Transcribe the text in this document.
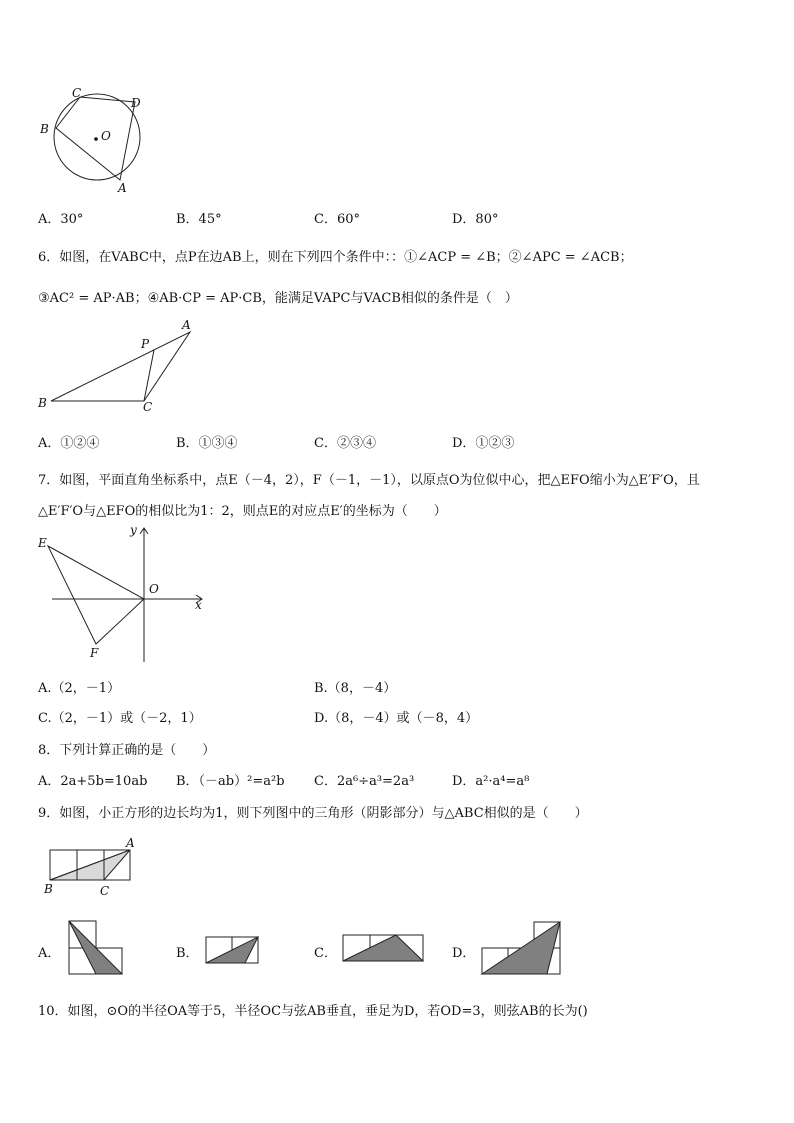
B
C
D
O
A
A．30°	B．45°	C．60°	D．80°
6．如图，在VABC中，点P在边AB上，则在下列四个条件中：：①∠ACP = ∠B；②∠APC = ∠ACB；
③AC² = AP·AB；④AB·CP = AP·CB，能满足VAPC与VACB相似的条件是（　）
A
P
B	C
A．①②④	B．①③④	C．②③④	D．①②③
7．如图，平面直角坐标系中，点E（－4，2），F（－1，－1），以原点O为位似中心，把△EFO缩小为△E′F′O，且
△E′F′O与△EFO的相似比为1：2，则点E的对应点E′的坐标为（　　）
E
y
O
x
F
A.（2，－1）	B.（8，－4）
C.（2，－1）或（－2，1）	D.（8，－4）或（－8，4）
8．下列计算正确的是（　　）
A．2a+5b=10ab B．（－ab）²=a²b C．2a⁶÷a³=2a³	D．a²·a⁴=a⁸
9．如图，小正方形的边长均为1，则下列图中的三角形（阴影部分）与△ABC相似的是（　　）
A
B	C
A．	B．	C．	D．
10．如图，⊙O的半径OA等于5，半径OC与弦AB垂直，垂足为D，若OD=3，则弦AB的长为()
